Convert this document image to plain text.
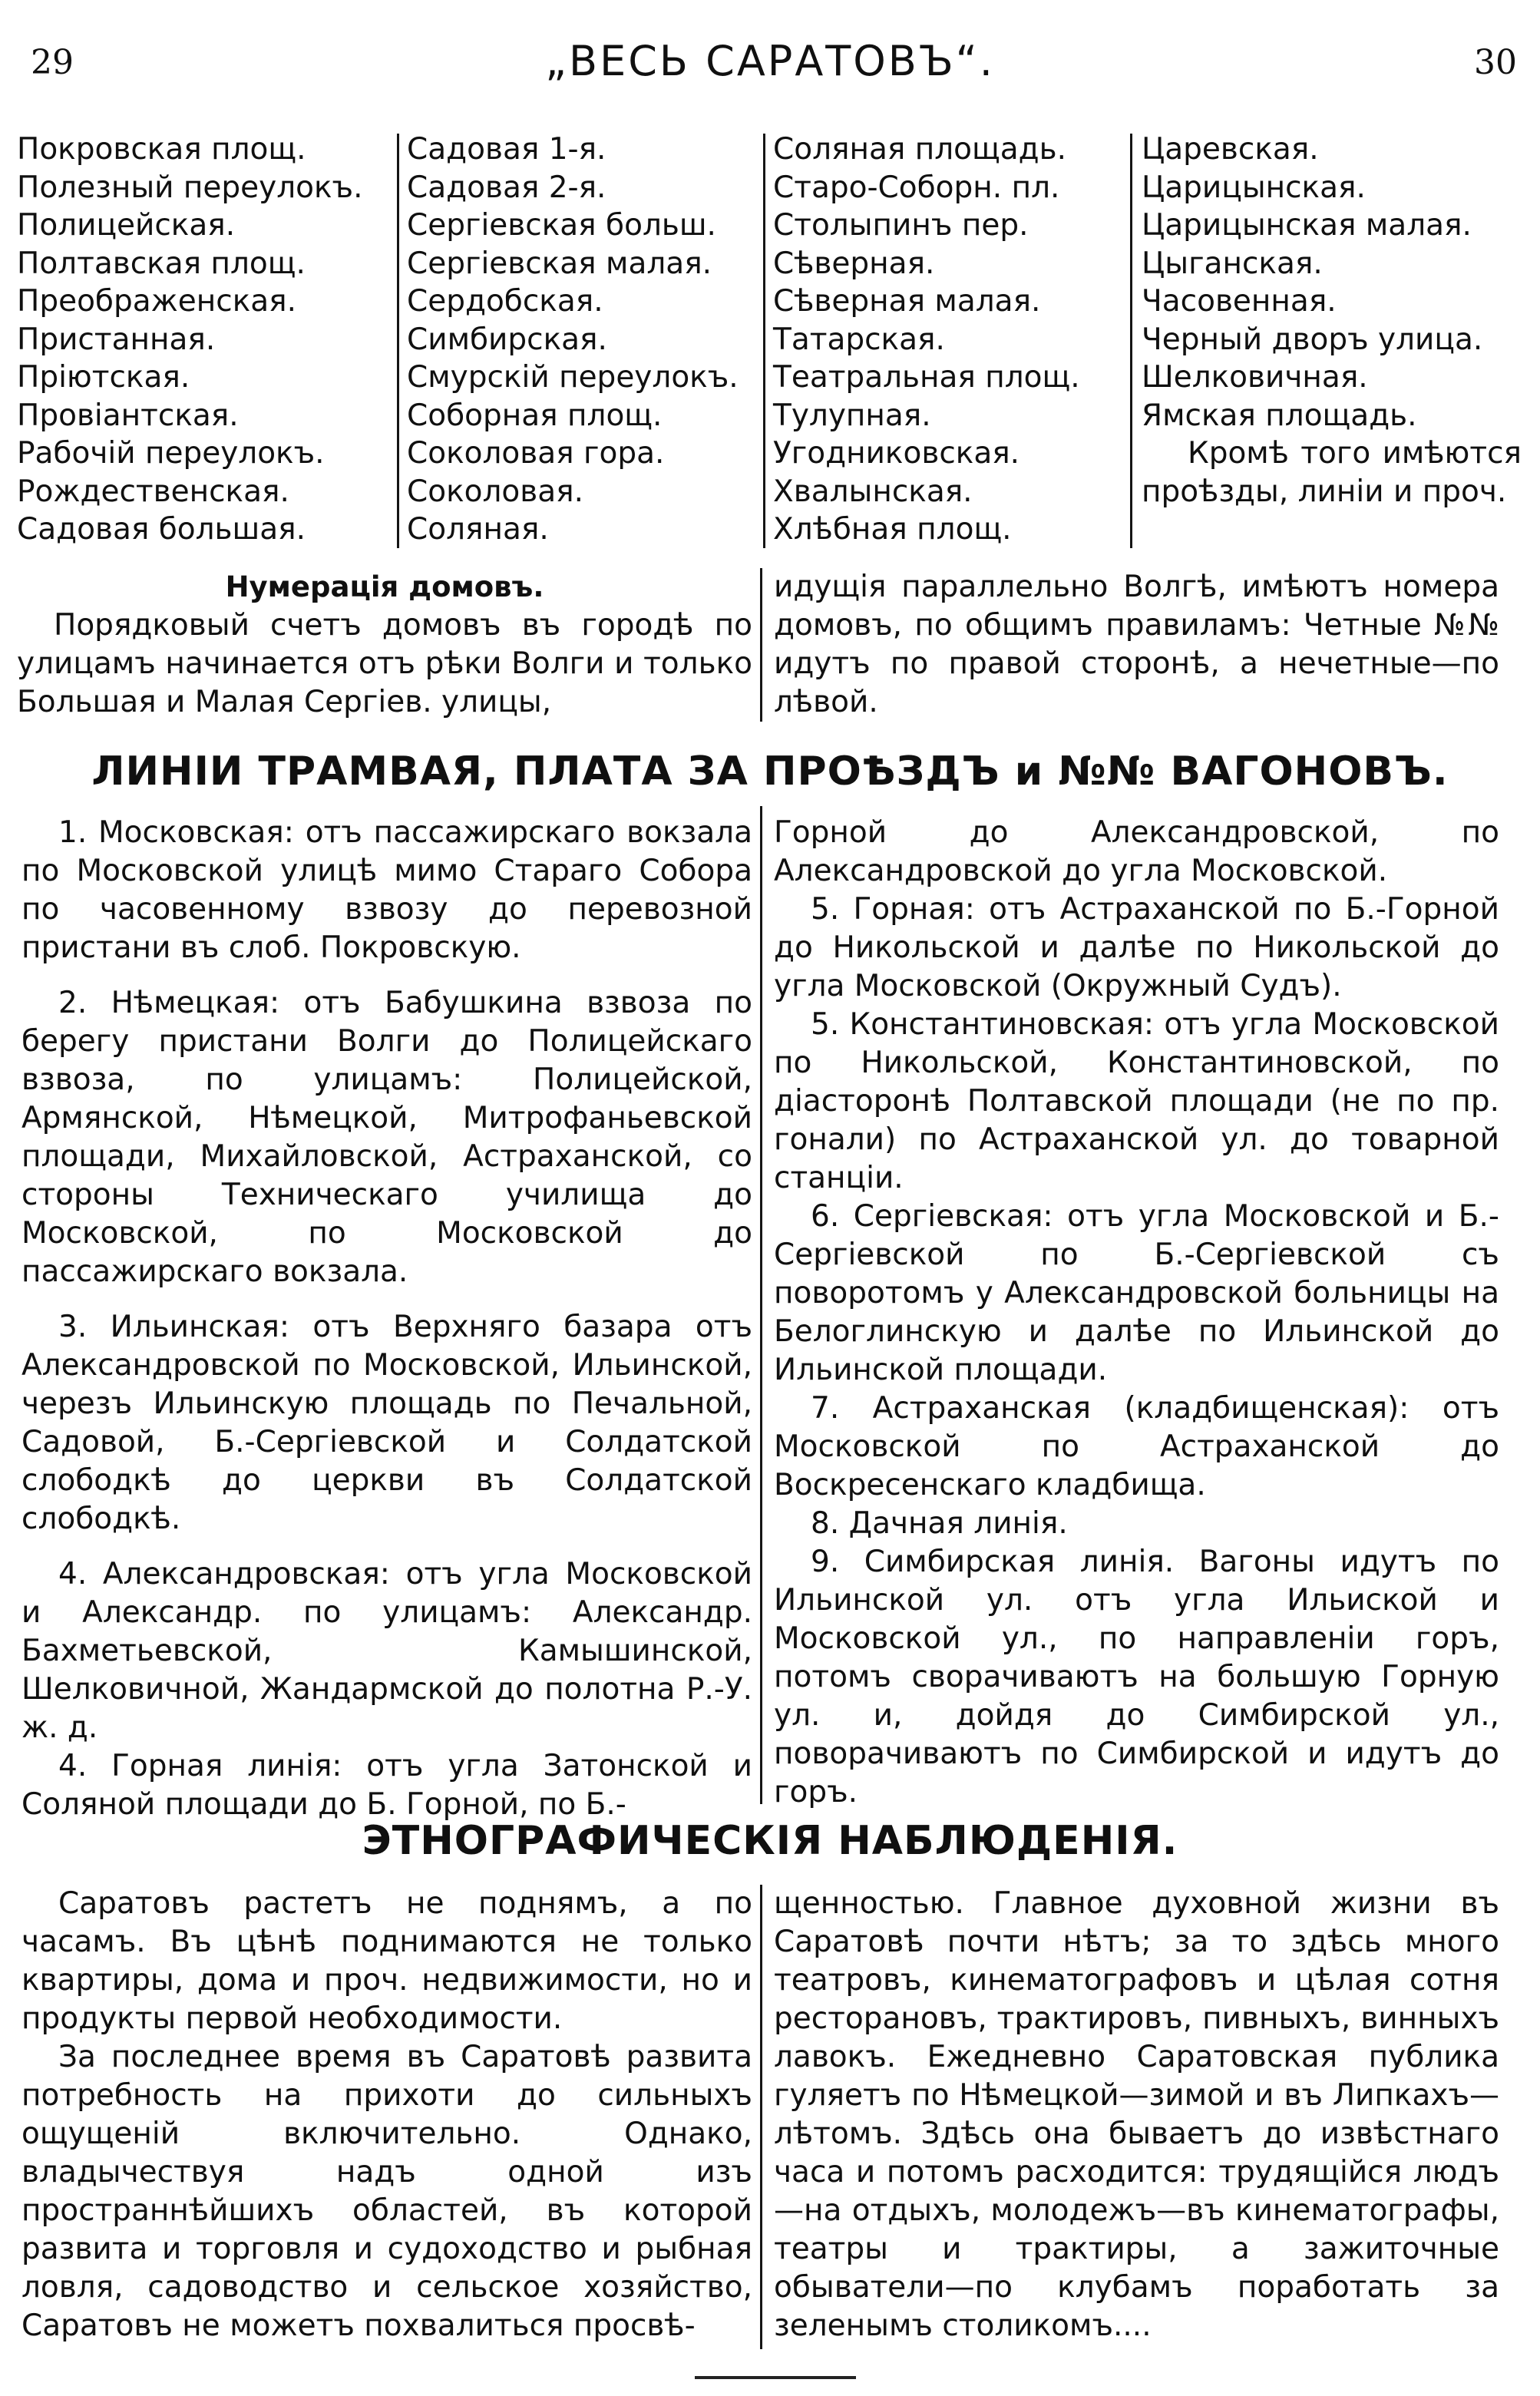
29	„ВЕСЬ САРАТОВЪ“.	30
Покровская площ.
Полезный переулокъ.
Полицейская.
Полтавская площ.
Преображенская.
Пристанная.
Пріютская.
Провіантская.
Рабочій переулокъ.
Рождественская.
Садовая большая.
Садовая 1-я.
Садовая 2-я.
Сергіевская больш.
Сергіевская малая.
Сердобская.
Симбирская.
Смурскій переулокъ.
Соборная площ.
Соколовая гора.
Соколовая.
Соляная.
Соляная площадь.
Старо-Соборн. пл.
Столыпинъ пер.
Сѣверная.
Сѣверная малая.
Татарская.
Театральная площ.
Тулупная.
Угодниковская.
Хвалынская.
Хлѣбная площ.
Царевская.
Царицынская.
Царицынская малая.
Цыганская.
Часовенная.
Черный дворъ улица.
Шелковичная.
Ямская площадь.

Кромѣ того имѣются проѣзды, линіи и проч.

Нумерація домовъ.

Порядковый счетъ домовъ въ городѣ по улицамъ начинается отъ рѣки Волги и только Большая и Малая Сергiев. улицы,

идущія параллельно Волгѣ, имѣютъ номера домовъ, по общимъ правиламъ: Четные №№ идутъ по правой сторонѣ, а нечетные—по лѣвой.

ЛИНІИ ТРАМВАЯ, ПЛАТА ЗА ПРОѢЗДЪ и №№ ВАГОНОВЪ.

1. Московская: отъ пассажирскаго вокзала по Московской улицѣ мимо Стараго Собора по часовенному взвозу до перевозной пристани въ слоб. Покровскую.

2. Нѣмецкая: отъ Бабушкина взвоза по берегу пристани Волги до Полицейскаго взвоза, по улицамъ: Полицейской, Армянской, Нѣмецкой, Митрофаньевской площади, Михайловской, Астраханской, со стороны Техническаго училища до Московской, по Московской до пассажирскаго вокзала.

3. Ильинская: отъ Верхняго базара отъ Александровской по Московской, Ильинской, черезъ Ильинскую площадь по Печальной, Садовой, Б.-Сергіевской и Солдатской слободкѣ до церкви въ Солдатской слободкѣ.

4. Александровская: отъ угла Московской и Александр. по улицамъ: Александр. Бахметьевской, Камышинской, Шелковичной, Жандармской до полотна Р.-У. ж. д.

4. Горная линія: отъ угла Затонской и Соляной площади до Б. Горной, по Б.-

Горной до Александровской, по Александровской до угла Московской.

5. Горная: отъ Астраханской по Б.-Горной до Никольской и далѣе по Никольской до угла Московской (Окружный Судъ).

5. Константиновская: отъ угла Московской по Никольской, Константиновской, по діасторонѣ Полтавской площади (не по пр. гонали) по Астраханской ул. до товарной станціи.

6. Сергіевская: отъ угла Московской и Б.-Сергіевской по Б.-Сергіевской съ поворотомъ у Александровской больницы на Белоглинскую и далѣе по Ильинской до Ильинской площади.

7. Астраханская (кладбищенская): отъ Московской по Астраханской до Воскресенскаго кладбища.

8. Дачная линія.

9. Симбирская линія. Вагоны идутъ по Ильинской ул. отъ угла Ильиской и Московской ул., по направленіи горъ, потомъ сворачиваютъ на большую Горную ул. и, дойдя до Симбирской ул., поворачиваютъ по Симбирской и идутъ до горъ.

ЭТНОГРАФИЧЕСКІЯ НАБЛЮДЕНІЯ.

Саратовъ растетъ не поднямъ, а по часамъ. Въ цѣнѣ поднимаются не только квартиры, дома и проч. недвижимости, но и продукты первой необходимости.

За последнее время въ Саратовѣ развита потребность на прихоти до сильныхъ ощущеній включительно. Однако, владычествуя надъ одной изъ пространнѣйшихъ областей, въ которой развита и торговля и судоходство и рыбная ловля, садоводство и сельское хозяйство, Саратовъ не можетъ похвалиться просвѣ-

щенностью. Главное духовной жизни въ Саратовѣ почти нѣтъ; за то здѣсь много театровъ, кинематографовъ и цѣлая сотня ресторановъ, трактировъ, пивныхъ, винныхъ лавокъ. Ежедневно Саратовская публика гуляетъ по Нѣмецкой—зимой и въ Липкахъ—лѣтомъ. Здѣсь она бываетъ до извѣстнаго часа и потомъ расходится: трудящійся людъ—на отдыхъ, молодежъ—въ кинематографы, театры и трактиры, а зажиточные обыватели—по клубамъ поработать за зеленымъ столикомъ....
